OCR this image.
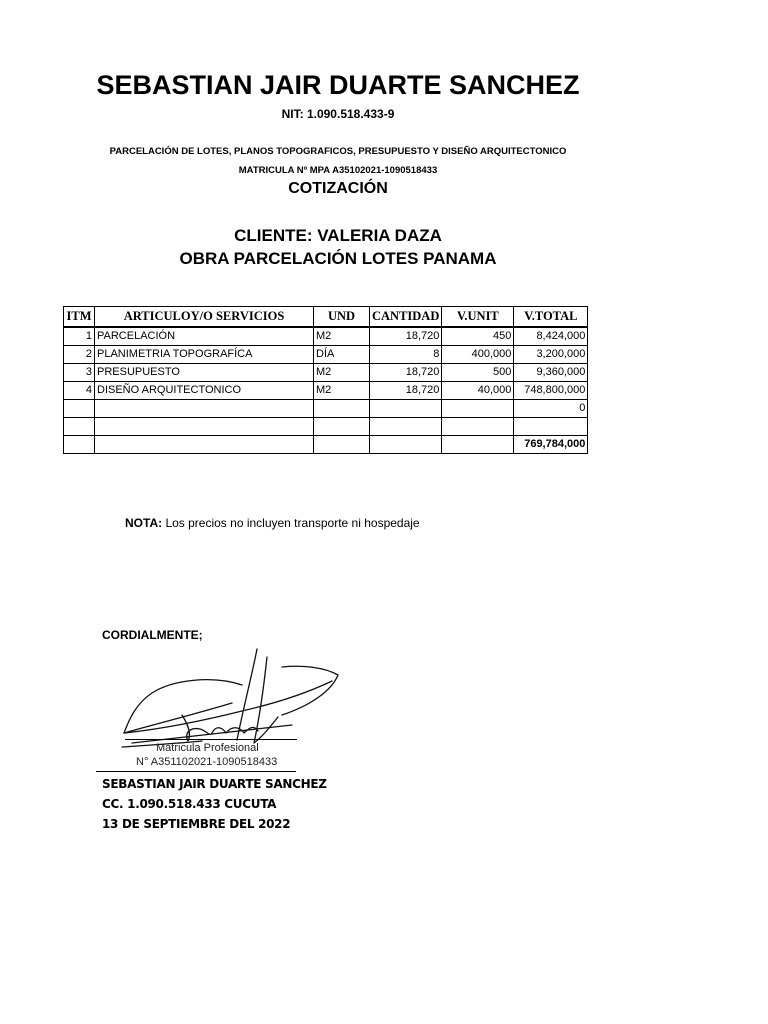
SEBASTIAN JAIR DUARTE SANCHEZ
NIT: 1.090.518.433-9
PARCELACIÓN DE LOTES, PLANOS TOPOGRAFICOS, PRESUPUESTO Y DISEÑO ARQUITECTONICO
MATRICULA Nº MPA A35102021-1090518433
COTIZACIÓN
CLIENTE: VALERIA DAZA
OBRA PARCELACIÓN LOTES PANAMA
ITM	ARTICULOY/O SERVICIOS	UND	CANTIDAD	V.UNIT	V.TOTAL
1	PARCELACIÓN	M2	18,720	450	8,424,000
2	PLANIMETRIA TOPOGRAFÍCA	DÍA	8	400,000	3,200,000
3	PRESUPUESTO	M2	18,720	500	9,360,000
4	DISEÑO ARQUITECTONICO	M2	18,720	40,000	748,800,000
					0

					769,784,000
NOTA: Los precios no incluyen transporte ni hospedaje
CORDIALMENTE;
Matricula Profesional
N° A351102021-1090518433
SEBASTIAN JAIR DUARTE SANCHEZ
CC. 1.090.518.433 CUCUTA
13 DE SEPTIEMBRE DEL 2022
